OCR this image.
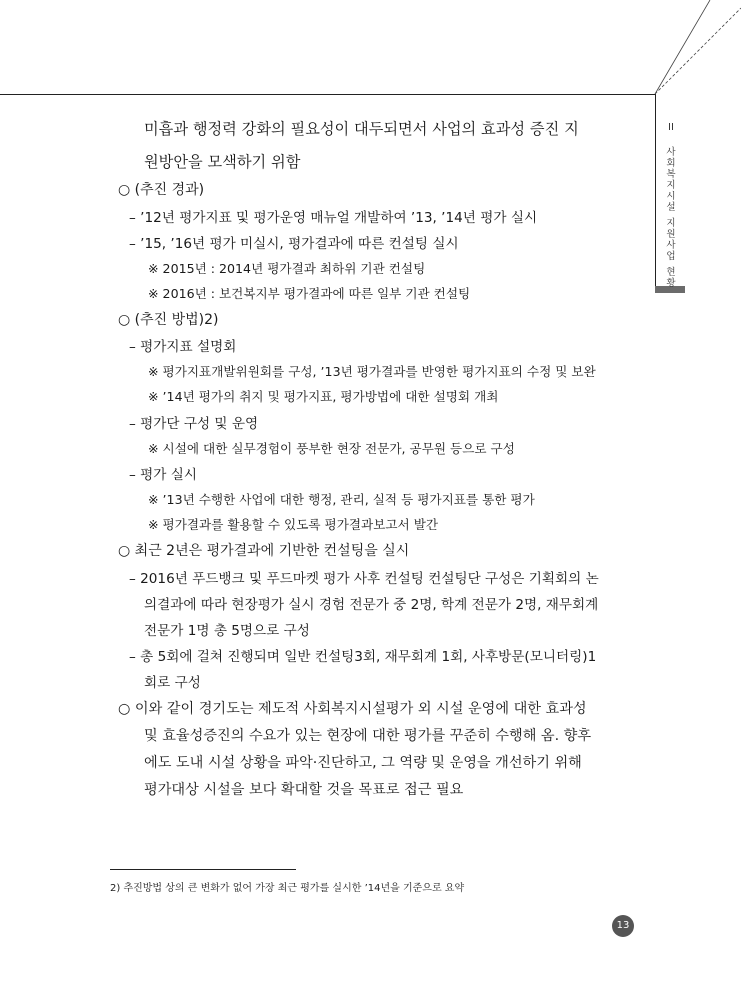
II
사
회
복
지
시
설

지
원
사
업

현
황
미흡과 행정력 강화의 필요성이 대두되면서 사업의 효과성 증진 지
원방안을 모색하기 위함
○ (추진 경과)
– ’12년 평가지표 및 평가운영 매뉴얼 개발하여 ’13, ’14년 평가 실시
– ’15, ’16년 평가 미실시, 평가결과에 따른 컨설팅 실시
※ 2015년 : 2014년 평가결과 최하위 기관 컨설팅
※ 2016년 : 보건복지부 평가결과에 따른 일부 기관 컨설팅
○ (추진 방법)2)
– 평가지표 설명회
※ 평가지표개발위원회를 구성, ’13년 평가결과를 반영한 평가지표의 수정 및 보완
※ ’14년 평가의 취지 및 평가지표, 평가방법에 대한 설명회 개최
– 평가단 구성 및 운영
※ 시설에 대한 실무경험이 풍부한 현장 전문가, 공무원 등으로 구성
– 평가 실시
※ ’13년 수행한 사업에 대한 행정, 관리, 실적 등 평가지표를 통한 평가
※ 평가결과를 활용할 수 있도록 평가결과보고서 발간
○ 최근 2년은 평가결과에 기반한 컨설팅을 실시
– 2016년 푸드뱅크 및 푸드마켓 평가 사후 컨설팅 컨설팅단 구성은 기획회의 논
의결과에 따라 현장평가 실시 경험 전문가 중 2명, 학계 전문가 2명, 재무회계
전문가 1명 총 5명으로 구성
– 총 5회에 걸쳐 진행되며 일반 컨설팅3회, 재무회계 1회, 사후방문(모니터링)1
회로 구성
○ 이와 같이 경기도는 제도적 사회복지시설평가 외 시설 운영에 대한 효과성
및 효율성증진의 수요가 있는 현장에 대한 평가를 꾸준히 수행해 옴. 향후
에도 도내 시설 상황을 파악·진단하고, 그 역량 및 운영을 개선하기 위해
평가대상 시설을 보다 확대할 것을 목표로 접근 필요
2) 추진방법 상의 큰 변화가 없어 가장 최근 평가를 실시한 ’14년을 기준으로 요약
13
